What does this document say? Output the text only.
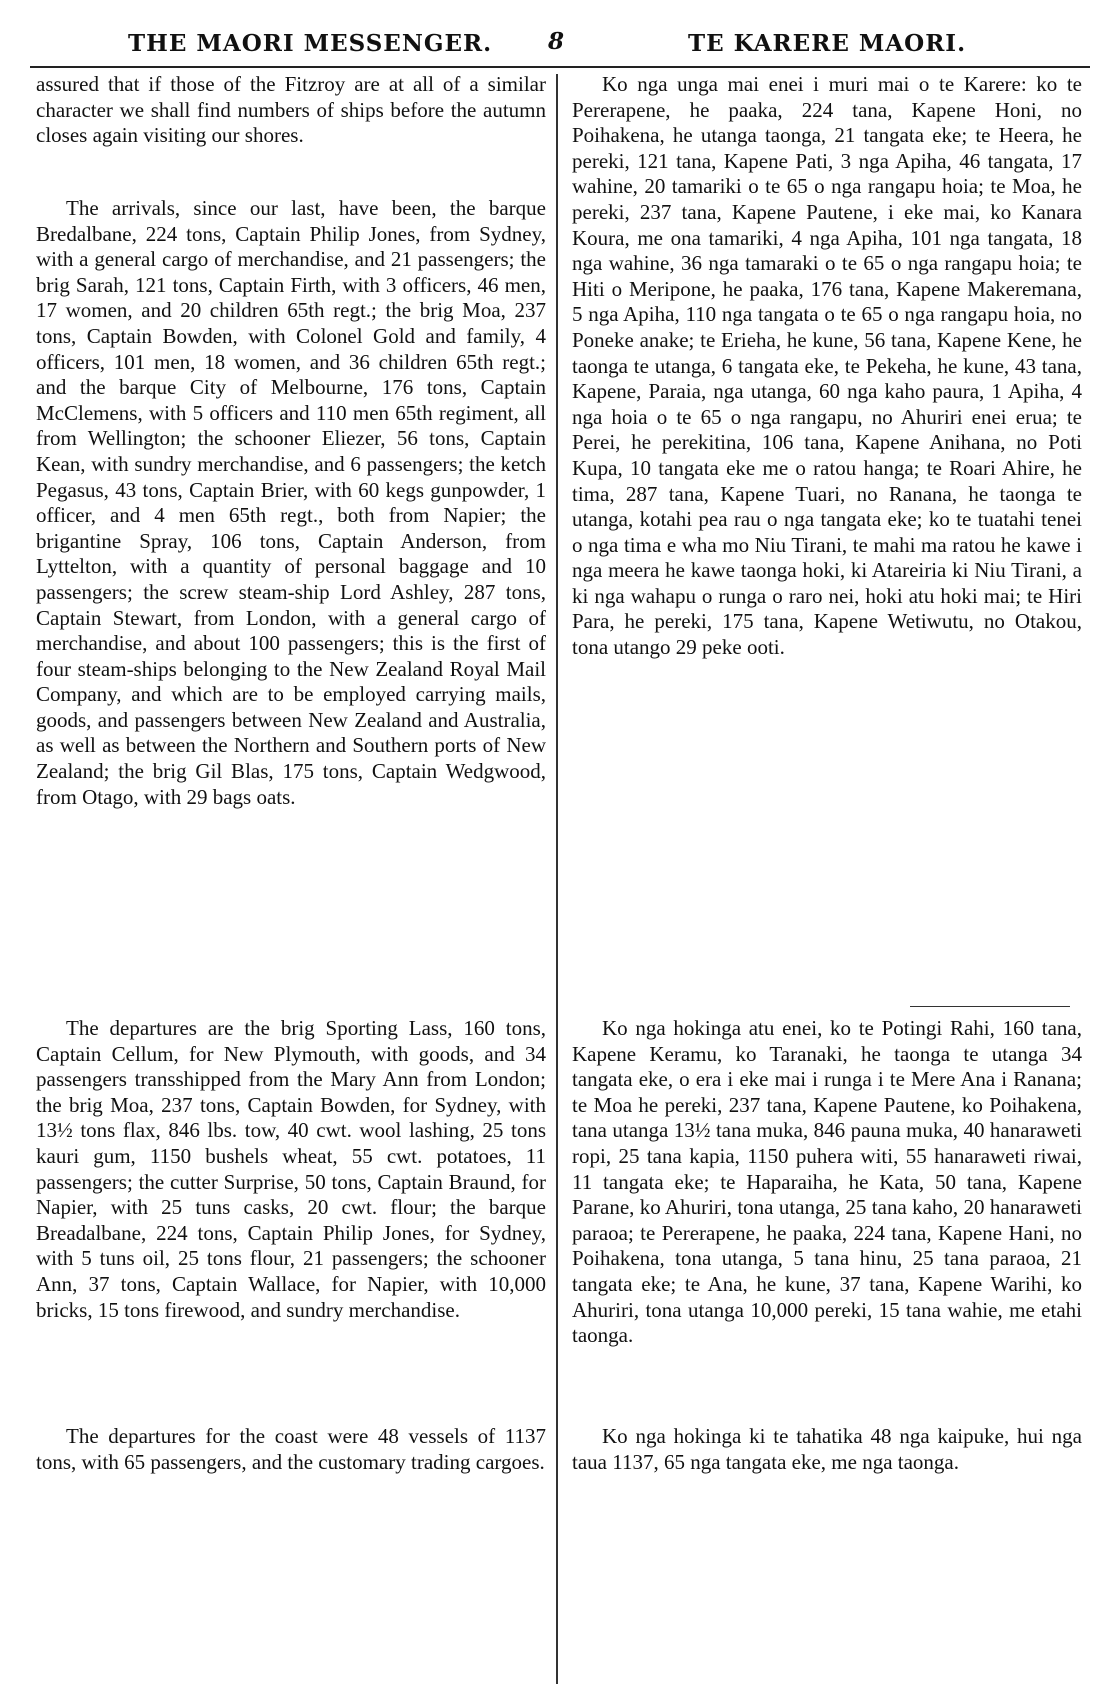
THE MAORI MESSENGER. 8	TE KARERE MAORI.

assured that if those of the Fitzroy are at all of a similar character we shall find numbers of ships before the autumn closes again visiting our shores.

The arrivals, since our last, have been, the barque Bredalbane, 224 tons, Captain Philip Jones, from Sydney, with a general cargo of merchandise, and 21 passengers; the brig Sarah, 121 tons, Captain Firth, with 3 officers, 46 men, 17 women, and 20 children 65th regt.; the brig Moa, 237 tons, Captain Bowden, with Colonel Gold and family, 4 officers, 101 men, 18 women, and 36 children 65th regt.; and the barque City of Melbourne, 176 tons, Captain McClemens, with 5 officers and 110 men 65th regiment, all from Wellington; the schooner Eliezer, 56 tons, Captain Kean, with sundry merchandise, and 6 passengers; the ketch Pegasus, 43 tons, Captain Brier, with 60 kegs gunpowder, 1 officer, and 4 men 65th regt., both from Napier; the brigantine Spray, 106 tons, Captain Anderson, from Lyttelton, with a quantity of personal baggage and 10 passengers; the screw steam-ship Lord Ashley, 287 tons, Captain Stewart, from London, with a general cargo of merchandise, and about 100 passengers; this is the first of four steam-ships belonging to the New Zealand Royal Mail Company, and which are to be employed carrying mails, goods, and passengers between New Zealand and Australia, as well as between the Northern and Southern ports of New Zealand; the brig Gil Blas, 175 tons, Captain Wedgwood, from Otago, with 29 bags oats.

The departures are the brig Sporting Lass, 160 tons, Captain Cellum, for New Plymouth, with goods, and 34 passengers transshipped from the Mary Ann from London; the brig Moa, 237 tons, Captain Bowden, for Sydney, with 13½ tons flax, 846 lbs. tow, 40 cwt. wool lashing, 25 tons kauri gum, 1150 bushels wheat, 55 cwt. potatoes, 11 passengers; the cutter Surprise, 50 tons, Captain Braund, for Napier, with 25 tuns casks, 20 cwt. flour; the barque Breadalbane, 224 tons, Captain Philip Jones, for Sydney, with 5 tuns oil, 25 tons flour, 21 passengers; the schooner Ann, 37 tons, Captain Wallace, for Napier, with 10,000 bricks, 15 tons firewood, and sundry merchandise.

The departures for the coast were 48 vessels of 1137 tons, with 65 passengers, and the customary trading cargoes.

Ko nga unga mai enei i muri mai o te Karere: ko te Pererapene, he paaka, 224 tana, Kapene Honi, no Poihakena, he utanga taonga, 21 tangata eke; te Heera, he pereki, 121 tana, Kapene Pati, 3 nga Apiha, 46 tangata, 17 wahine, 20 tamariki o te 65 o nga rangapu hoia; te Moa, he pereki, 237 tana, Kapene Pautene, i eke mai, ko Kanara Koura, me ona tamariki, 4 nga Apiha, 101 nga tangata, 18 nga wahine, 36 nga tamaraki o te 65 o nga rangapu hoia; te Hiti o Meripone, he paaka, 176 tana, Kapene Makeremana, 5 nga Apiha, 110 nga tangata o te 65 o nga rangapu hoia, no Poneke anake; te Erieha, he kune, 56 tana, Kapene Kene, he taonga te utanga, 6 tangata eke, te Pekeha, he kune, 43 tana, Kapene, Paraia, nga utanga, 60 nga kaho paura, 1 Apiha, 4 nga hoia o te 65 o nga rangapu, no Ahuriri enei erua; te Perei, he perekitina, 106 tana, Kapene Anihana, no Poti Kupa, 10 tangata eke me o ratou hanga; te Roari Ahire, he tima, 287 tana, Kapene Tuari, no Ranana, he taonga te utanga, kotahi pea rau o nga tangata eke; ko te tuatahi tenei o nga tima e wha mo Niu Tirani, te mahi ma ratou he kawe i nga meera he kawe taonga hoki, ki Atareiria ki Niu Tirani, a ki nga wahapu o runga o raro nei, hoki atu hoki mai; te Hiri Para, he pereki, 175 tana, Kapene Wetiwutu, no Otakou, tona utango 29 peke ooti.

Ko nga hokinga atu enei, ko te Potingi Rahi, 160 tana, Kapene Keramu, ko Taranaki, he taonga te utanga 34 tangata eke, o era i eke mai i runga i te Mere Ana i Ranana; te Moa he pereki, 237 tana, Kapene Pautene, ko Poihakena, tana utanga 13½ tana muka, 846 pauna muka, 40 hanaraweti ropi, 25 tana kapia, 1150 puhera witi, 55 hanaraweti riwai, 11 tangata eke; te Haparaiha, he Kata, 50 tana, Kapene Parane, ko Ahuriri, tona utanga, 25 tana kaho, 20 hanaraweti paraoa; te Pererapene, he paaka, 224 tana, Kapene Hani, no Poihakena, tona utanga, 5 tana hinu, 25 tana paraoa, 21 tangata eke; te Ana, he kune, 37 tana, Kapene Warihi, ko Ahuriri, tona utanga 10,000 pereki, 15 tana wahie, me etahi taonga.

Ko nga hokinga ki te tahatika 48 nga kaipuke, hui nga taua 1137, 65 nga tangata eke, me nga taonga.
